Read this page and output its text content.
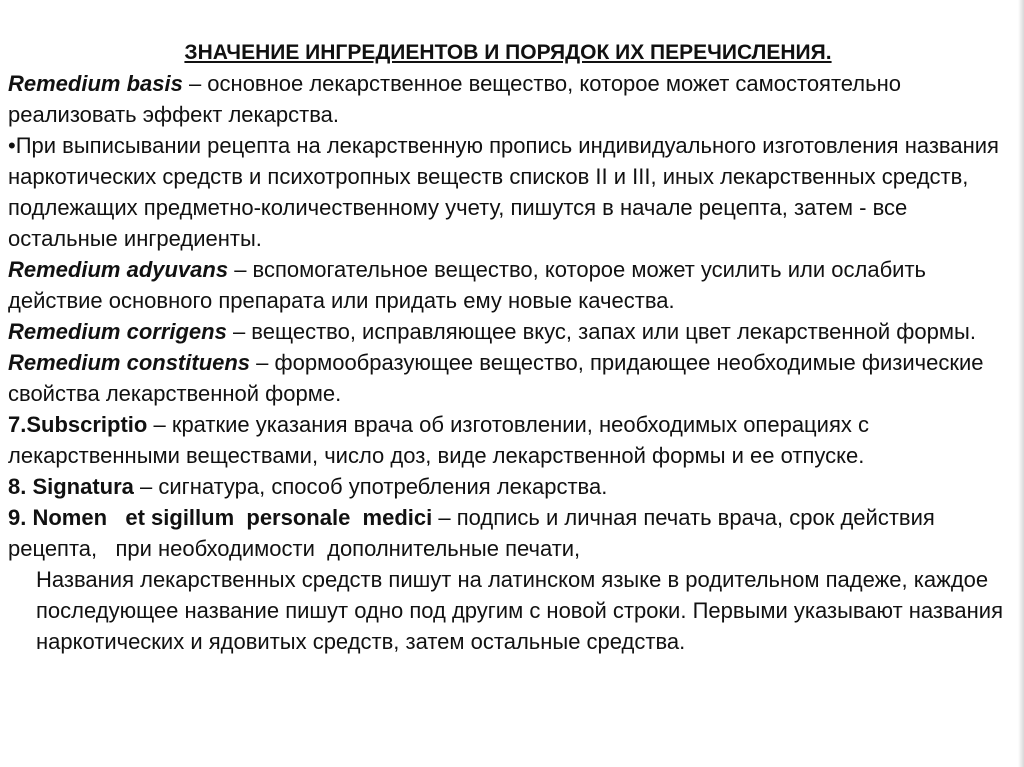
ЗНАЧЕНИЕ ИНГРЕДИЕНТОВ И ПОРЯДОК ИХ ПЕРЕЧИСЛЕНИЯ.

Remedium basis – основное лекарственное вещество, которое может самостоятельно реализовать эффект лекарства.

•При выписывании рецепта на лекарственную пропись индивидуального изготовления названия наркотических средств и психотропных веществ списков II и III, иных лекарственных средств, подлежащих предметно-количественному учету, пишутся в начале рецепта, затем - все остальные ингредиенты.

Remedium adyuvans – вспомогательное вещество, которое может усилить или ослабить действие основного препарата или придать ему новые качества.

Remedium corrigens – вещество, исправляющее вкус, запах или цвет лекарственной формы.

Remedium constituens – формообразующее вещество, придающее необходимые физические свойства лекарственной форме.

7.Subscriptio – краткие указания врача об изготовлении, необходимых операциях с лекарственными веществами, число доз, виде лекарственной формы и ее отпуске.

8. Signatura – сигнатура, способ употребления лекарства.

9. Nomen   et sigillum  personale  medici – подпись и личная печать врача, срок действия рецепта,   при необходимости  дополнительные печати,

Названия лекарственных средств пишут на латинском языке в родительном падеже, каждое последующее название пишут одно под другим с новой строки. Первыми указывают названия наркотических и ядовитых средств, затем остальные средства.
